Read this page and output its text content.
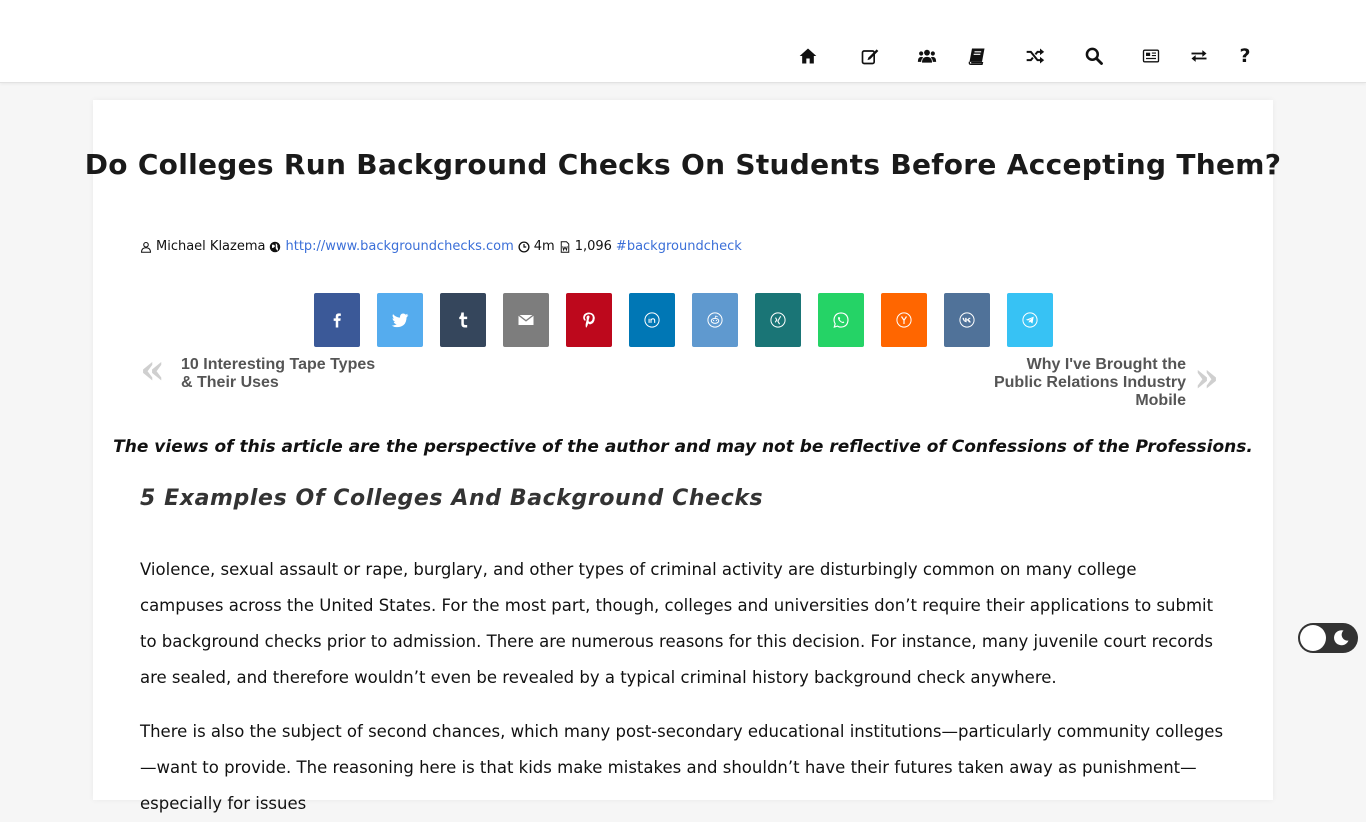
?
Do Colleges Run Background Checks On Students Before Accepting Them?
Michael Klazema http://www.backgroundchecks.com 4m 1,096 #backgroundcheck
« 10 Interesting Tape Types & Their Uses
Why I've Brought the Public Relations Industry Mobile »

The views of this article are the perspective of the author and may not be reflective of Confessions of the Professions.

5 Examples Of Colleges And Background Checks

Violence, sexual assault or rape, burglary, and other types of criminal activity are disturbingly common on many college campuses across the United States. For the most part, though, colleges and universities don’t require their applications to submit to background checks prior to admission. There are numerous reasons for this decision. For instance, many juvenile court records are sealed, and therefore wouldn’t even be revealed by a typical criminal history background check anywhere.

There is also the subject of second chances, which many post-secondary educational institutions—particularly community colleges—want to provide. The reasoning here is that kids make mistakes and shouldn’t have their futures taken away as punishment—especially for issues
